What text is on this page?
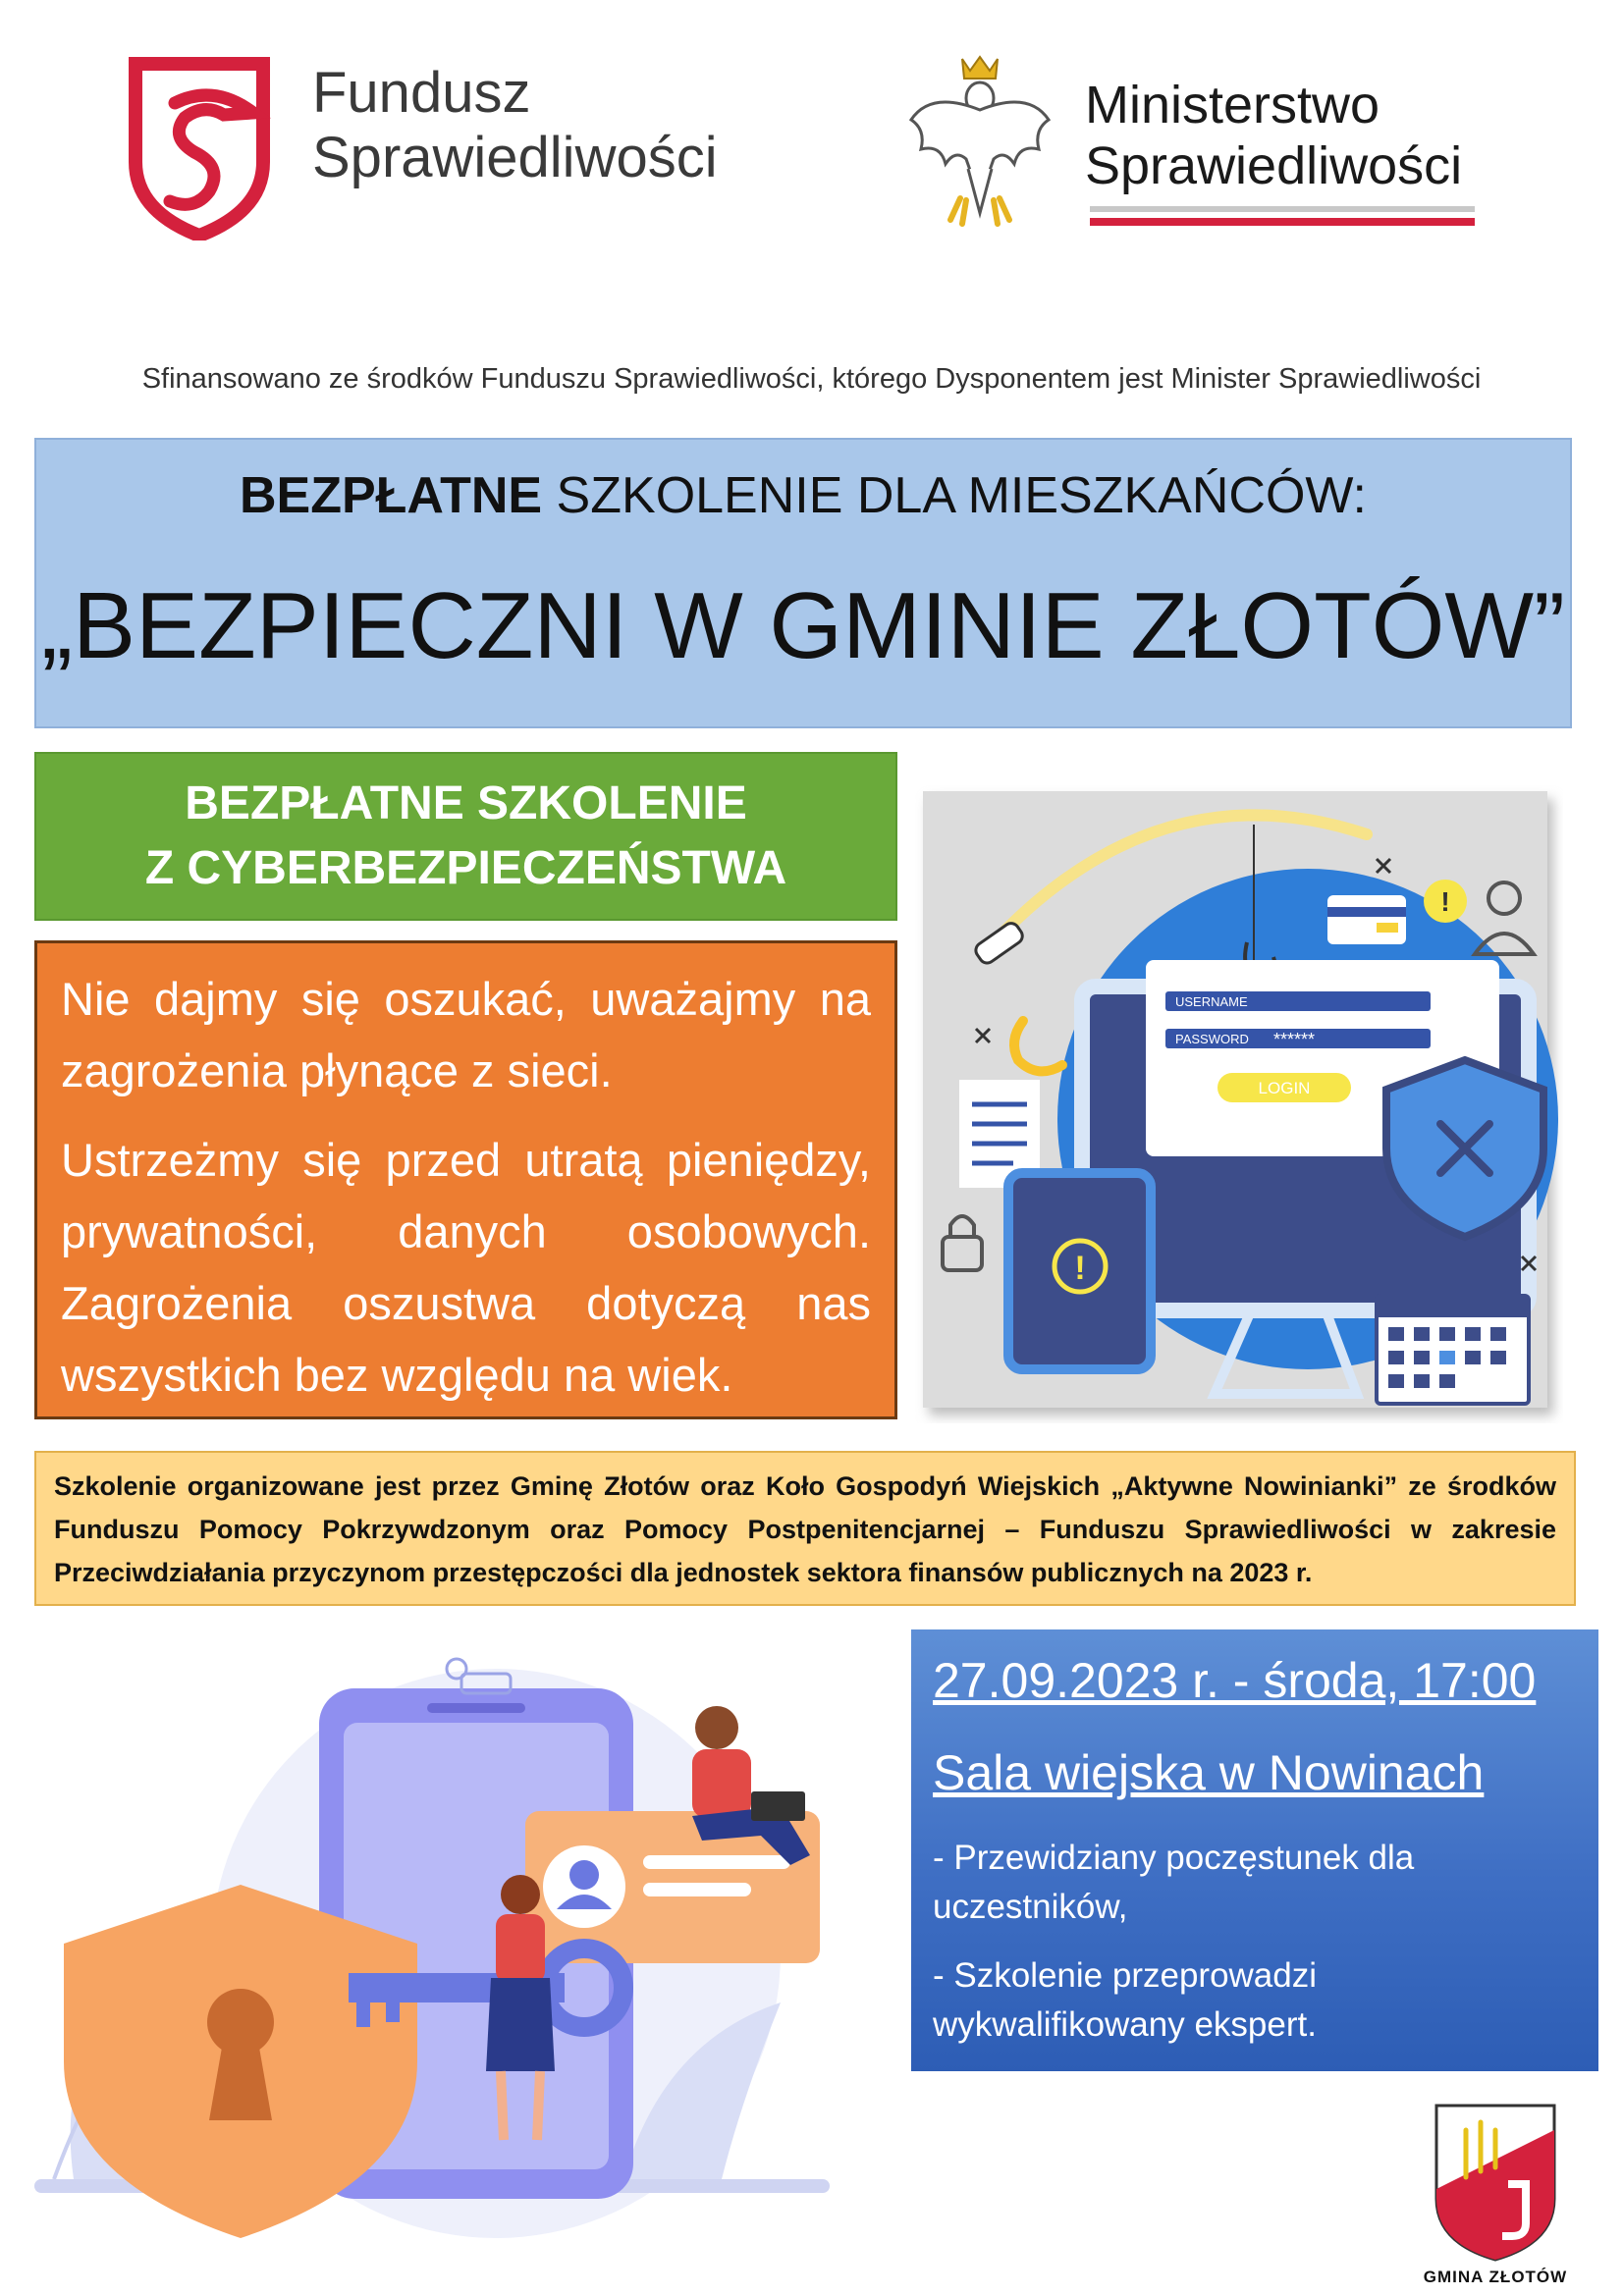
Fundusz
Sprawiedliwości
Ministerstwo
Sprawiedliwości
Sfinansowano ze środków Funduszu Sprawiedliwości, którego Dysponentem jest Minister Sprawiedliwości
BEZPŁATNE SZKOLENIE DLA MIESZKAŃCÓW:
„BEZPIECZNI W GMINIE ZŁOTÓW”
BEZPŁATNE SZKOLENIE
Z CYBERBEZPIECZEŃSTWA

Nie dajmy się oszukać, uważajmy na zagrożenia płynące z sieci.

Ustrzeżmy się przed utratą pieniędzy, prywatności, danych osobowych. Zagrożenia oszustwa dotyczą nas wszystkich bez względu na wiek.

USERNAME
PASSWORD ******
LOGIN
!
!
Szkolenie organizowane jest przez Gminę Złotów oraz Koło Gospodyń Wiejskich „Aktywne Nowinianki” ze środków Funduszu Pomocy Pokrzywdzonym oraz Pomocy Postpenitencjarnej – Funduszu Sprawiedliwości w zakresie Przeciwdziałania przyczynom przestępczości dla jednostek sektora finansów publicznych na 2023 r.
27.09.2023 r. - środa, 17:00
Sala wiejska w Nowinach
- Przewidziany poczęstunek dla uczestników,
- Szkolenie przeprowadzi wykwalifikowany ekspert.
GMINA ZŁOTÓW
